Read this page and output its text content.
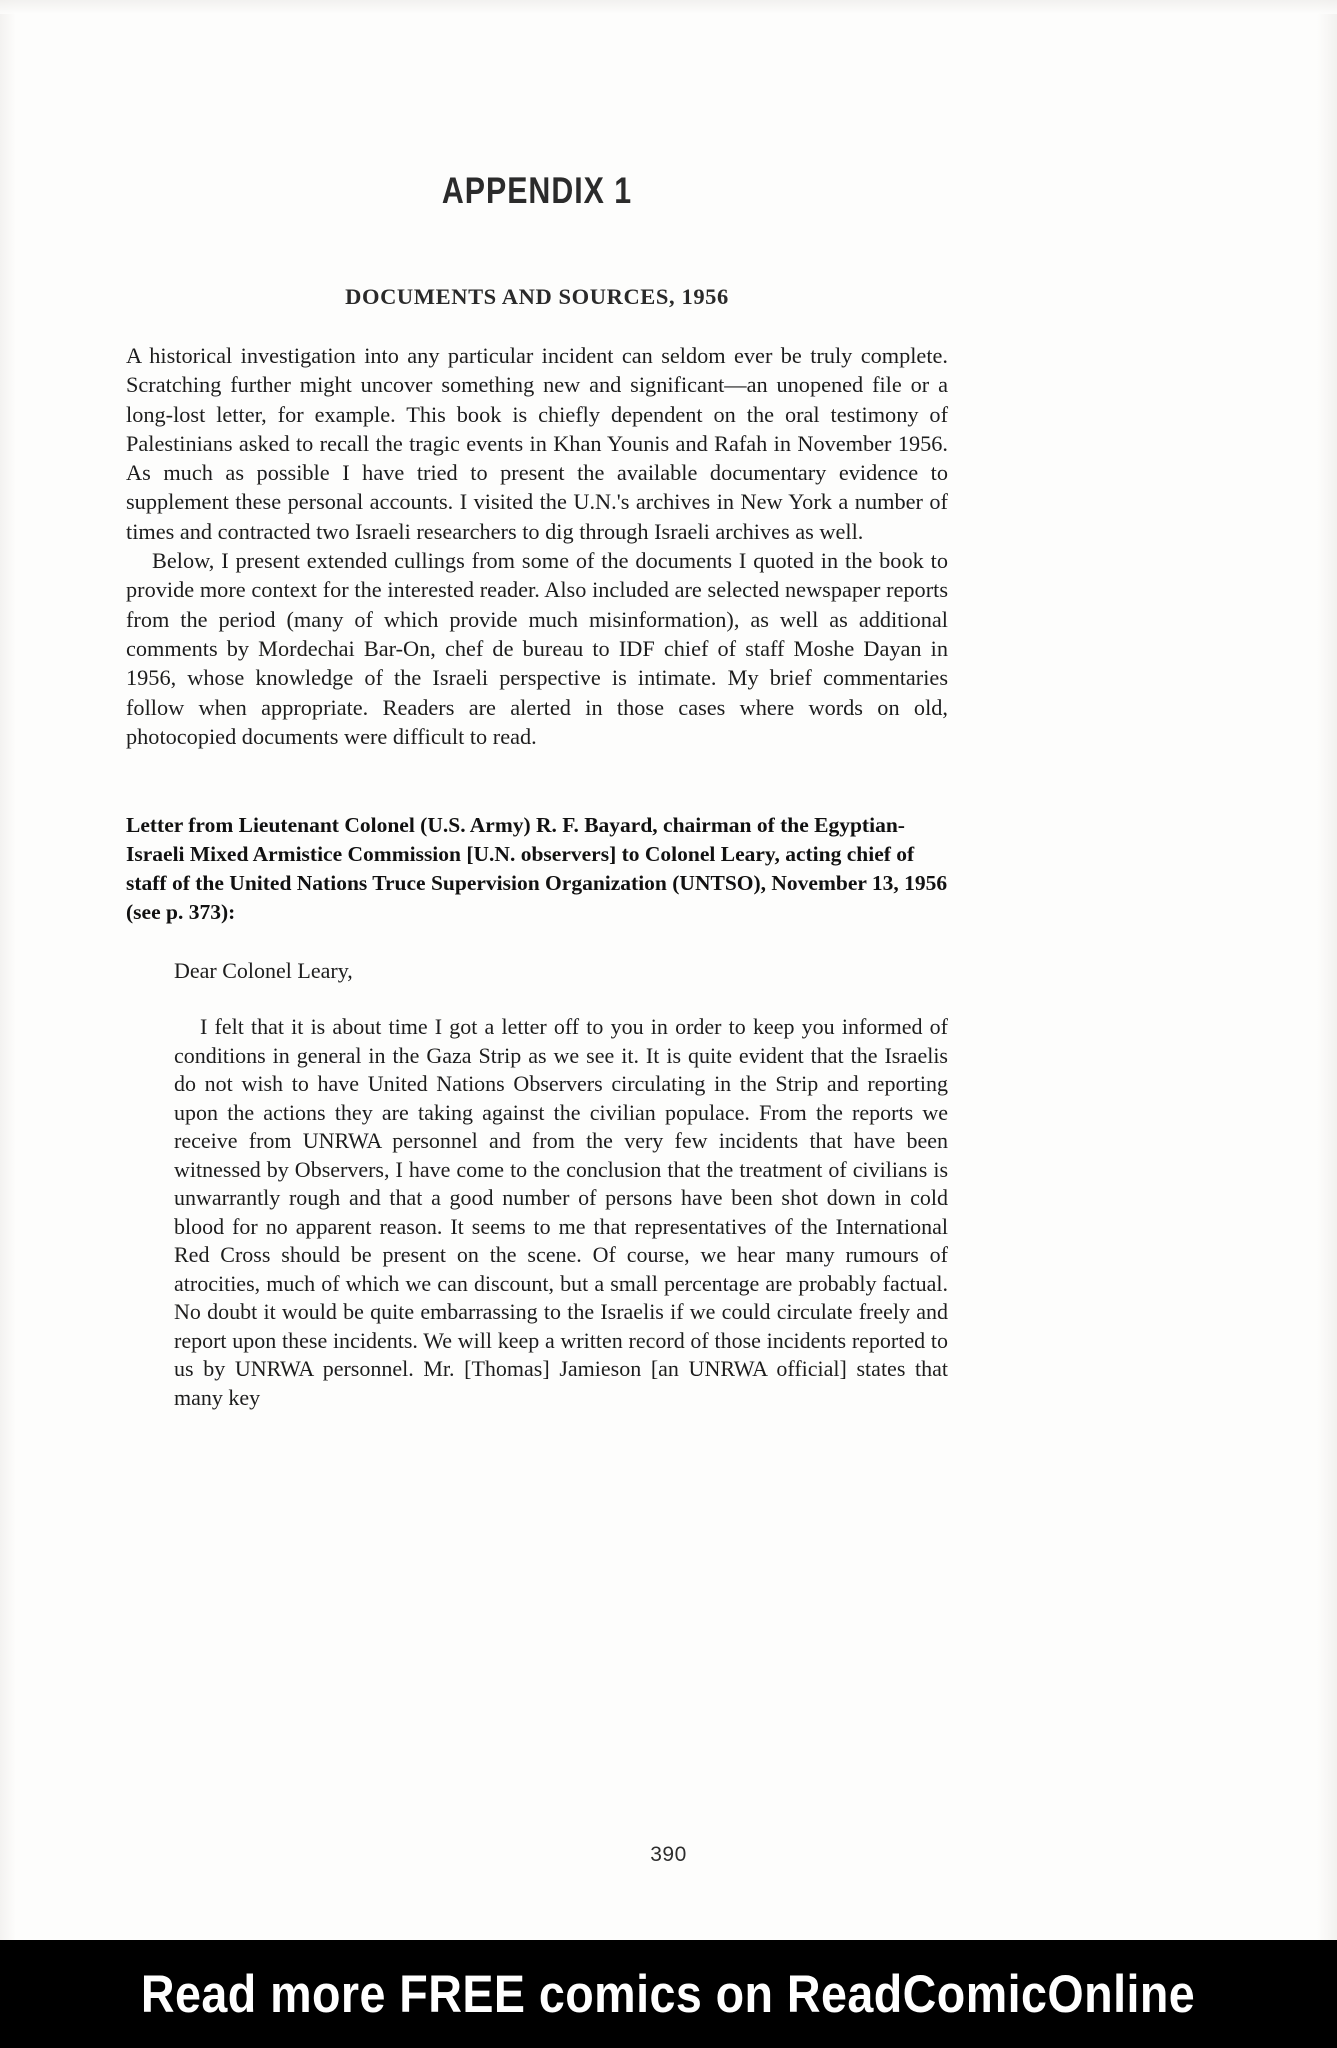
APPENDIX 1
DOCUMENTS AND SOURCES, 1956

A historical investigation into any particular incident can seldom ever be truly complete. Scratching further might uncover something new and significant—an unopened file or a long-lost letter, for example. This book is chiefly dependent on the oral testimony of Palestinians asked to recall the tragic events in Khan Younis and Rafah in November 1956. As much as possible I have tried to present the available documentary evidence to supplement these personal accounts. I visited the U.N.'s archives in New York a number of times and contracted two Israeli researchers to dig through Israeli archives as well.

Below, I present extended cullings from some of the documents I quoted in the book to provide more context for the interested reader. Also included are selected newspaper reports from the period (many of which provide much misinformation), as well as additional comments by Mordechai Bar-On, chef de bureau to IDF chief of staff Moshe Dayan in 1956, whose knowledge of the Israeli perspective is intimate. My brief commentaries follow when appropriate. Readers are alerted in those cases where words on old, photocopied documents were difficult to read.

Letter from Lieutenant Colonel (U.S. Army) R. F. Bayard, chairman of the Egyptian-Israeli Mixed Armistice Commission [U.N. observers] to Colonel Leary, acting chief of staff of the United Nations Truce Supervision Organization (UNTSO), November 13, 1956 (see p. 373):

Dear Colonel Leary,

I felt that it is about time I got a letter off to you in order to keep you informed of conditions in general in the Gaza Strip as we see it. It is quite evident that the Israelis do not wish to have United Nations Observers circulating in the Strip and reporting upon the actions they are taking against the civilian populace. From the reports we receive from UNRWA personnel and from the very few incidents that have been witnessed by Observers, I have come to the conclusion that the treatment of civilians is unwarrantly rough and that a good number of persons have been shot down in cold blood for no apparent reason. It seems to me that representatives of the International Red Cross should be present on the scene. Of course, we hear many rumours of atrocities, much of which we can discount, but a small percentage are probably factual. No doubt it would be quite embarrassing to the Israelis if we could circulate freely and report upon these incidents. We will keep a written record of those incidents reported to us by UNRWA personnel. Mr. [Thomas] Jamieson [an UNRWA official] states that many key

390
Read more FREE comics on ReadComicOnline
